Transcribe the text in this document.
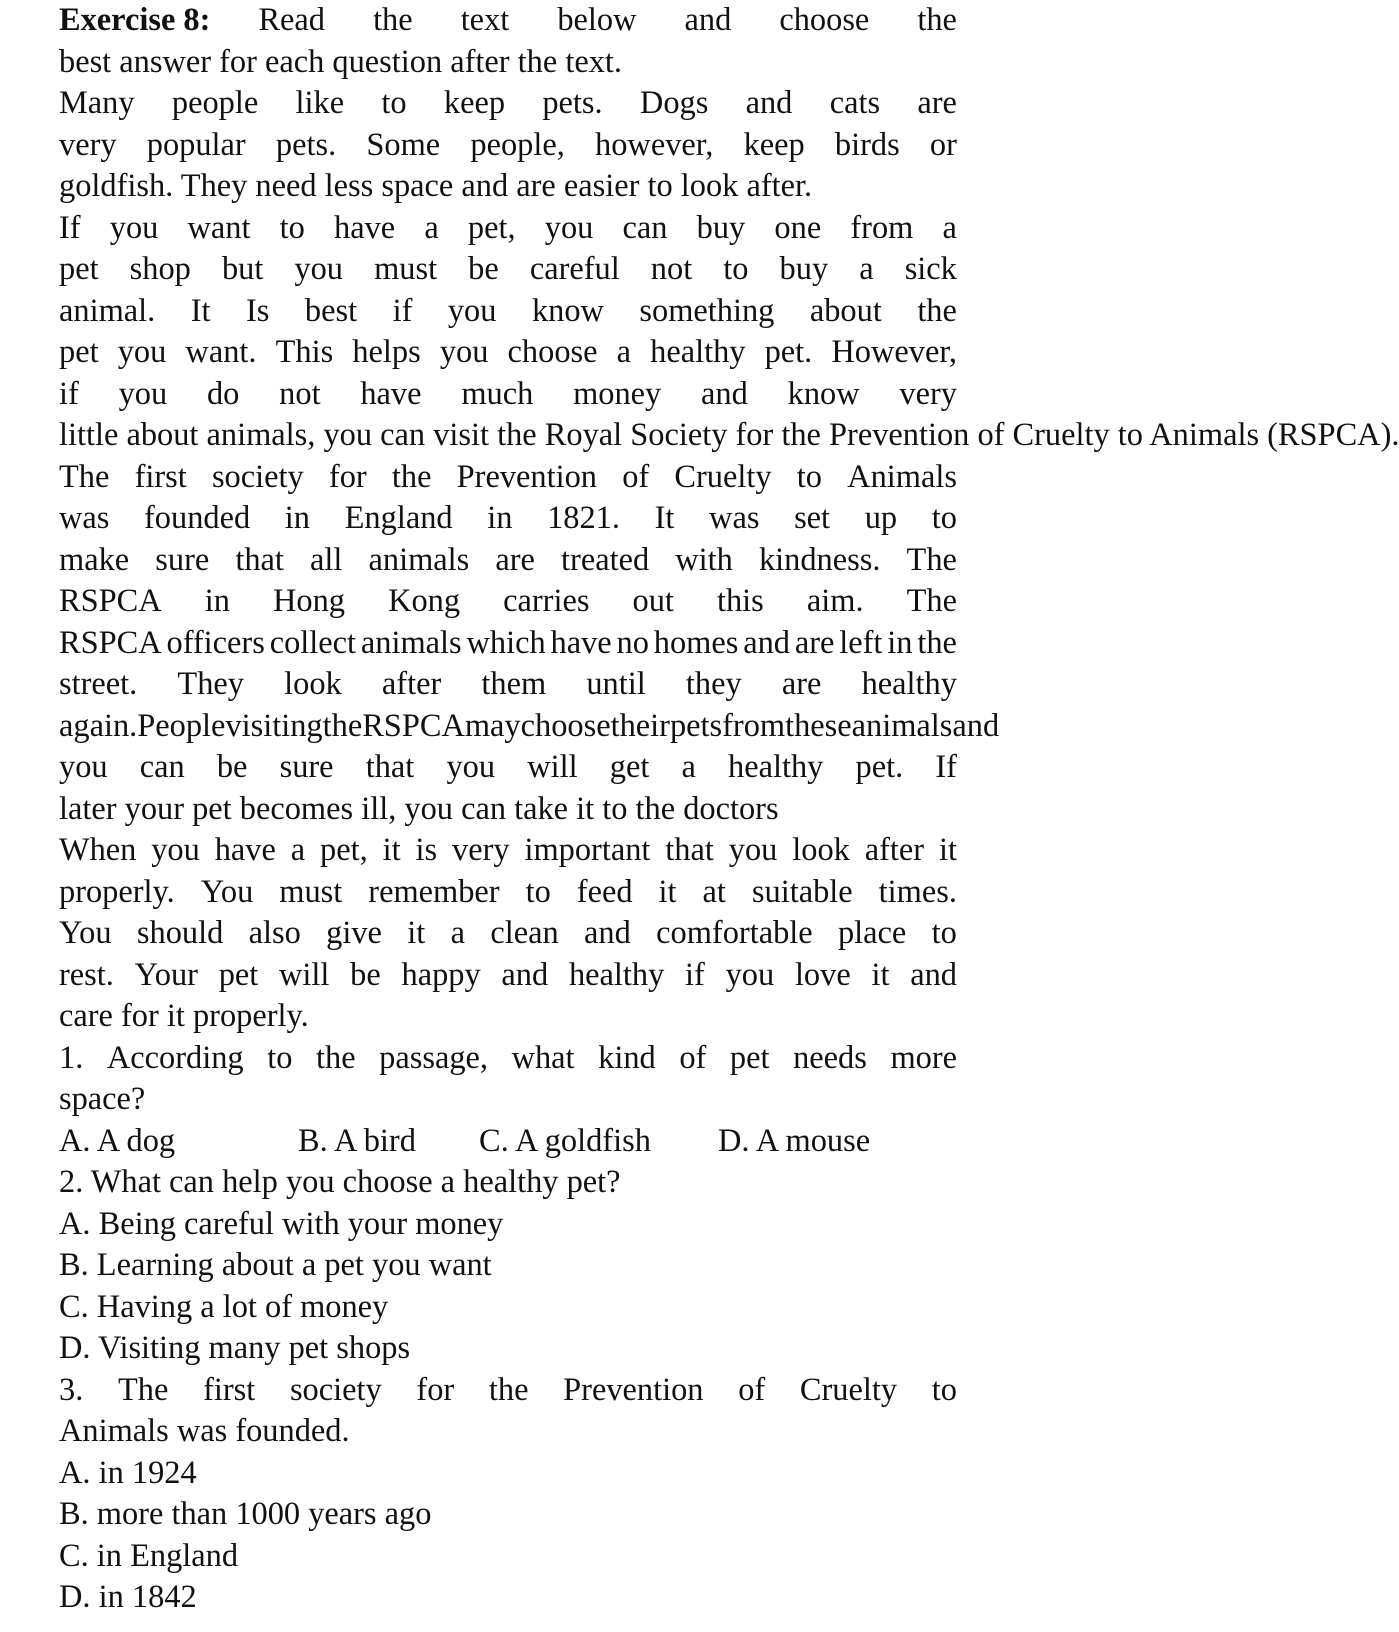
Exercise 8: Read the text below and choose the
best answer for each question after the text.
Many people like to keep pets. Dogs and cats are
very popular pets. Some people, however, keep birds or
goldfish. They need less space and are easier to look after.
If you want to have a pet, you can buy one from a
pet shop but you must be careful not to buy a sick
animal. It Is best if you know something about the
pet you want. This helps you choose a healthy pet. However,
if you do not have much money and know very
little about animals, you can visit the Royal Society for the Prevention of Cruelty to Animals (RSPCA).
The first society for the Prevention of Cruelty to Animals
was founded in England in 1821. It was set up to
make sure that all animals are treated with kindness. The
RSPCA in Hong Kong carries out this aim. The
RSPCA officers collect animals which have no homes and are left in the
street. They look after them until they are healthy
again. People visiting the RSPCA may choose their pets from these animals and
you can be sure that you will get a healthy pet. If
later your pet becomes ill, you can take it to the doctors
When you have a pet, it is very important that you look after it
properly. You must remember to feed it at suitable times.
You should also give it a clean and comfortable place to
rest. Your pet will be happy and healthy if you love it and
care for it properly.
1. According to the passage, what kind of pet needs more
space?
A. A dog	B. A bird C. A goldfish D. A mouse
2. What can help you choose a healthy pet?
A. Being careful with your money
B. Learning about a pet you want
C. Having a lot of money
D. Visiting many pet shops
3. The first society for the Prevention of Cruelty to
Animals was founded.
A. in 1924
B. more than 1000 years ago
C. in England
D. in 1842
